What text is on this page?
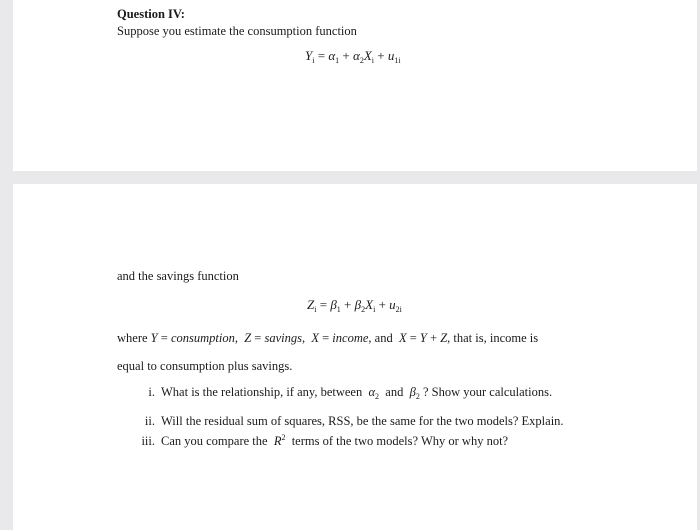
Question IV:
Suppose you estimate the consumption function
$Y_i = \alpha_1 + \alpha_2X_i + u_{1i}$
and the savings function
$Z_i = \beta_1 + \beta_2X_i + u_{2i}$
where Y = consumption,  Z = savings,  X = income, and X = Y + Z, that is, income is
equal to consumption plus savings.
i. What is the relationship, if any, between $\alpha_2$ and $\beta_2$ ? Show your calculations.
ii. Will the residual sum of squares, RSS, be the same for the two models? Explain.
iii. Can you compare the $R^2$ terms of the two models? Why or why not?
